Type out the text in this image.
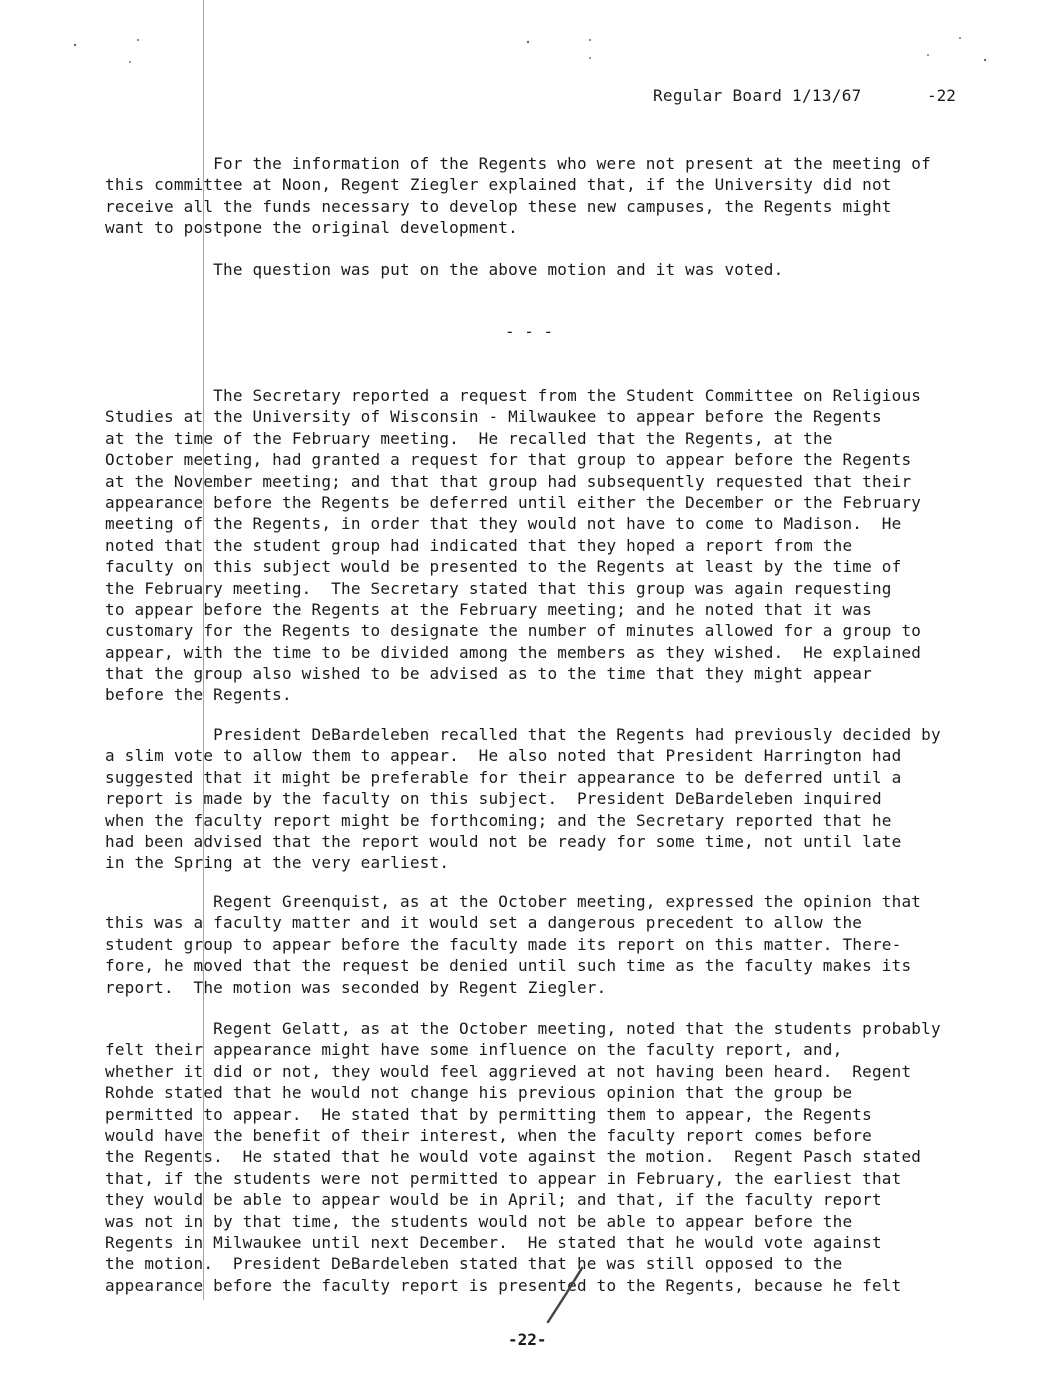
Regular Board 1/13/67	-22
For the information of the Regents who were not present at the meeting of
this committee at Noon, Regent Ziegler explained that, if the University did not
receive all the funds necessary to develop these new campuses, the Regents might
want to postpone the original development.
The question was put on the above motion and it was voted.
The Secretary reported a request from the Student Committee on Religious
Studies at the University of Wisconsin - Milwaukee to appear before the Regents
at the time of the February meeting.  He recalled that the Regents, at the
October meeting, had granted a request for that group to appear before the Regents
at the November meeting; and that that group had subsequently requested that their
appearance before the Regents be deferred until either the December or the February
meeting of the Regents, in order that they would not have to come to Madison.  He
noted that the student group had indicated that they hoped a report from the
faculty on this subject would be presented to the Regents at least by the time of
the February meeting.  The Secretary stated that this group was again requesting
to appear before the Regents at the February meeting; and he noted that it was
customary for the Regents to designate the number of minutes allowed for a group to
appear, with the time to be divided among the members as they wished.  He explained
that the group also wished to be advised as to the time that they might appear
before the Regents.
President DeBardeleben recalled that the Regents had previously decided by
a slim vote to allow them to appear.  He also noted that President Harrington had
suggested that it might be preferable for their appearance to be deferred until a
report is made by the faculty on this subject.  President DeBardeleben inquired
when the faculty report might be forthcoming; and the Secretary reported that he
had been advised that the report would not be ready for some time, not until late
in the Spring at the very earliest.
Regent Greenquist, as at the October meeting, expressed the opinion that
this was a faculty matter and it would set a dangerous precedent to allow the
student group to appear before the faculty made its report on this matter. There-
fore, he moved that the request be denied until such time as the faculty makes its
report.  The motion was seconded by Regent Ziegler.
Regent Gelatt, as at the October meeting, noted that the students probably
felt their appearance might have some influence on the faculty report, and,
whether it did or not, they would feel aggrieved at not having been heard.  Regent
Rohde stated that he would not change his previous opinion that the group be
permitted to appear.  He stated that by permitting them to appear, the Regents
would have the benefit of their interest, when the faculty report comes before
the Regents.  He stated that he would vote against the motion.  Regent Pasch stated
that, if the students were not permitted to appear in February, the earliest that
they would be able to appear would be in April; and that, if the faculty report
was not in by that time, the students would not be able to appear before the
Regents in Milwaukee until next December.  He stated that he would vote against
the motion.  President DeBardeleben stated that he was still opposed to the
appearance before the faculty report is presented to the Regents, because he felt
- - -
-22-
